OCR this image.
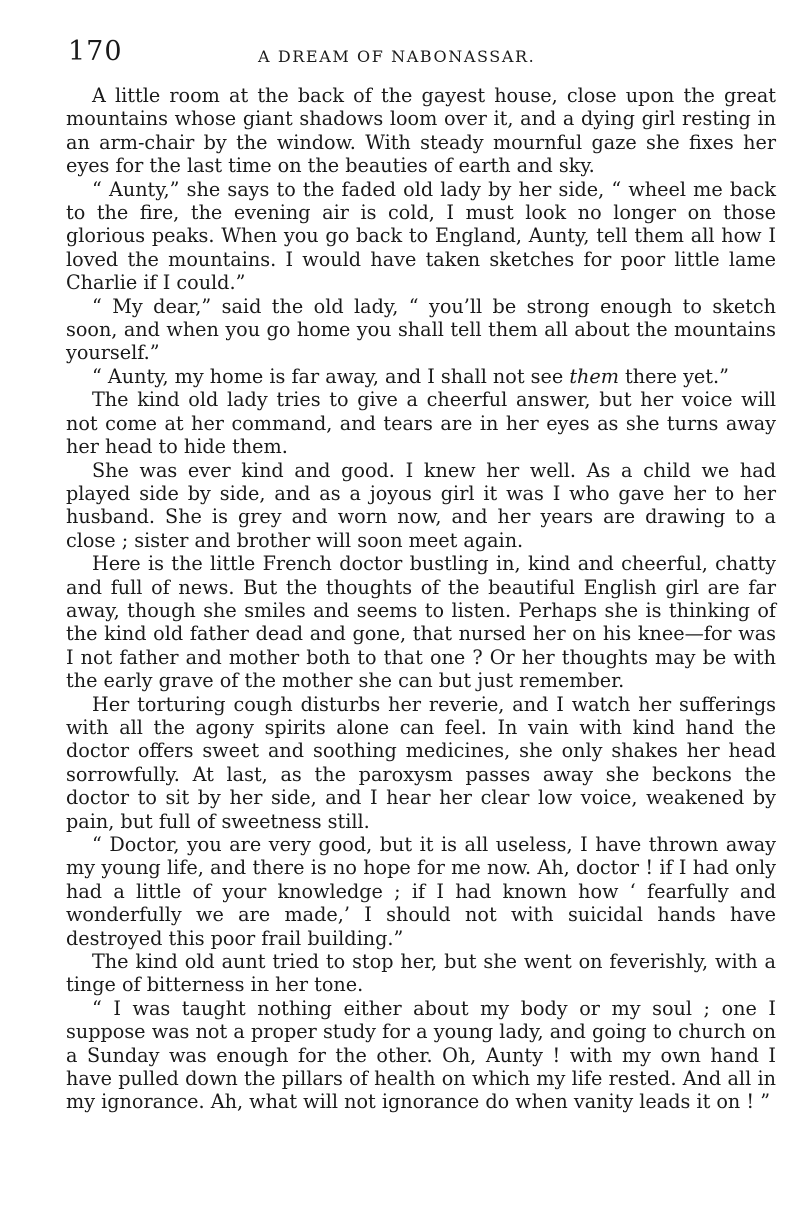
170	A DREAM OF NABONASSAR.

A little room at the back of the gayest house, close upon the great mountains whose giant shadows loom over it, and a dying girl resting in an arm-chair by the window. With steady mournful gaze she fixes her eyes for the last time on the beauties of earth and sky.

“ Aunty,” she says to the faded old lady by her side, “ wheel me back to the fire, the evening air is cold, I must look no longer on those glorious peaks. When you go back to England, Aunty, tell them all how I loved the mountains. I would have taken sketches for poor little lame Charlie if I could.”

“ My dear,” said the old lady, “ you’ll be strong enough to sketch soon, and when you go home you shall tell them all about the mountains yourself.”

“ Aunty, my home is far away, and I shall not see them there yet.”

The kind old lady tries to give a cheerful answer, but her voice will not come at her command, and tears are in her eyes as she turns away her head to hide them.

She was ever kind and good. I knew her well. As a child we had played side by side, and as a joyous girl it was I who gave her to her husband. She is grey and worn now, and her years are drawing to a close ; sister and brother will soon meet again.

Here is the little French doctor bustling in, kind and cheerful, chatty and full of news. But the thoughts of the beautiful English girl are far away, though she smiles and seems to listen. Perhaps she is thinking of the kind old father dead and gone, that nursed her on his knee—for was I not father and mother both to that one ? Or her thoughts may be with the early grave of the mother she can but just remember.

Her torturing cough disturbs her reverie, and I watch her sufferings with all the agony spirits alone can feel. In vain with kind hand the doctor offers sweet and soothing medicines, she only shakes her head sorrowfully. At last, as the paroxysm passes away she beckons the doctor to sit by her side, and I hear her clear low voice, weakened by pain, but full of sweetness still.

“ Doctor, you are very good, but it is all useless, I have thrown away my young life, and there is no hope for me now. Ah, doctor ! if I had only had a little of your knowledge ; if I had known how ‘ fearfully and wonderfully we are made,’ I should not with suicidal hands have destroyed this poor frail building.”

The kind old aunt tried to stop her, but she went on feverishly, with a tinge of bitterness in her tone.

“ I was taught nothing either about my body or my soul ; one I suppose was not a proper study for a young lady, and going to church on a Sunday was enough for the other. Oh, Aunty ! with my own hand I have pulled down the pillars of health on which my life rested. And all in my ignorance. Ah, what will not ignorance do when vanity leads it on ! ”
